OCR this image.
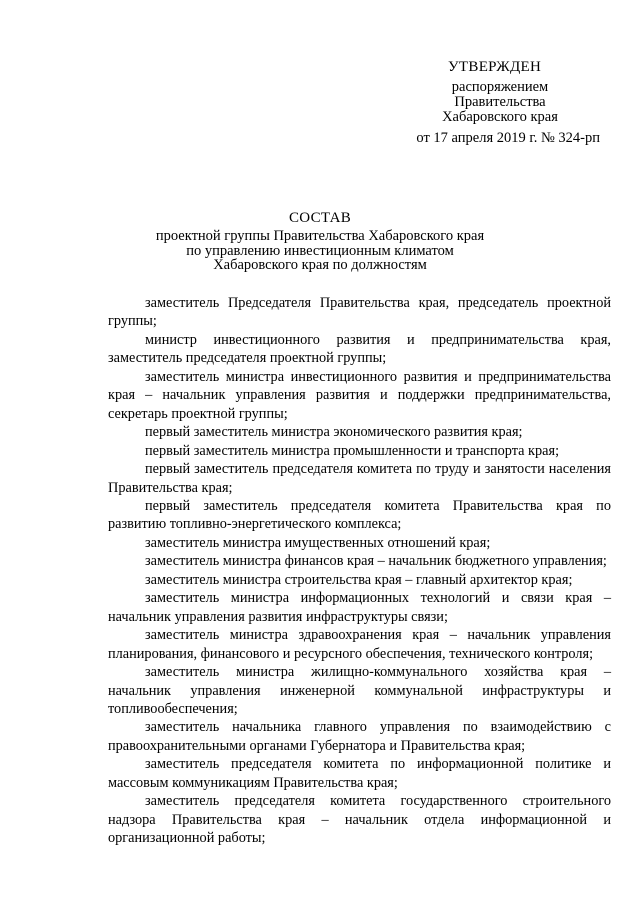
УТВЕРЖДЕН
распоряжением
Правительства
Хабаровского края
от 17 апреля 2019 г. № 324-рп
СОСТАВ
проектной группы Правительства Хабаровского края
по управлению инвестиционным климатом
Хабаровского края по должностям

заместитель Председателя Правительства края, председатель проектной группы;

министр инвестиционного развития и предпринимательства края, заместитель председателя проектной группы;

заместитель министра инвестиционного развития и предпринимательства края – начальник управления развития и поддержки предпринимательства, секретарь проектной группы;

первый заместитель министра экономического развития края;

первый заместитель министра промышленности и транспорта края;

первый заместитель председателя комитета по труду и занятости населения Правительства края;

первый заместитель председателя комитета Правительства края по развитию топливно-энергетического комплекса;

заместитель министра имущественных отношений края;

заместитель министра финансов края – начальник бюджетного управления;

заместитель министра строительства края – главный архитектор края;

заместитель министра информационных технологий и связи края – начальник управления развития инфраструктуры связи;

заместитель министра здравоохранения края – начальник управления планирования, финансового и ресурсного обеспечения, технического контроля;

заместитель министра жилищно-коммунального хозяйства края – начальник управления инженерной коммунальной инфраструктуры и топливообеспечения;

заместитель начальника главного управления по взаимодействию с правоохранительными органами Губернатора и Правительства края;

заместитель председателя комитета по информационной политике и массовым коммуникациям Правительства края;

заместитель председателя комитета государственного строительного надзора Правительства края – начальник отдела информационной и организационной работы;
